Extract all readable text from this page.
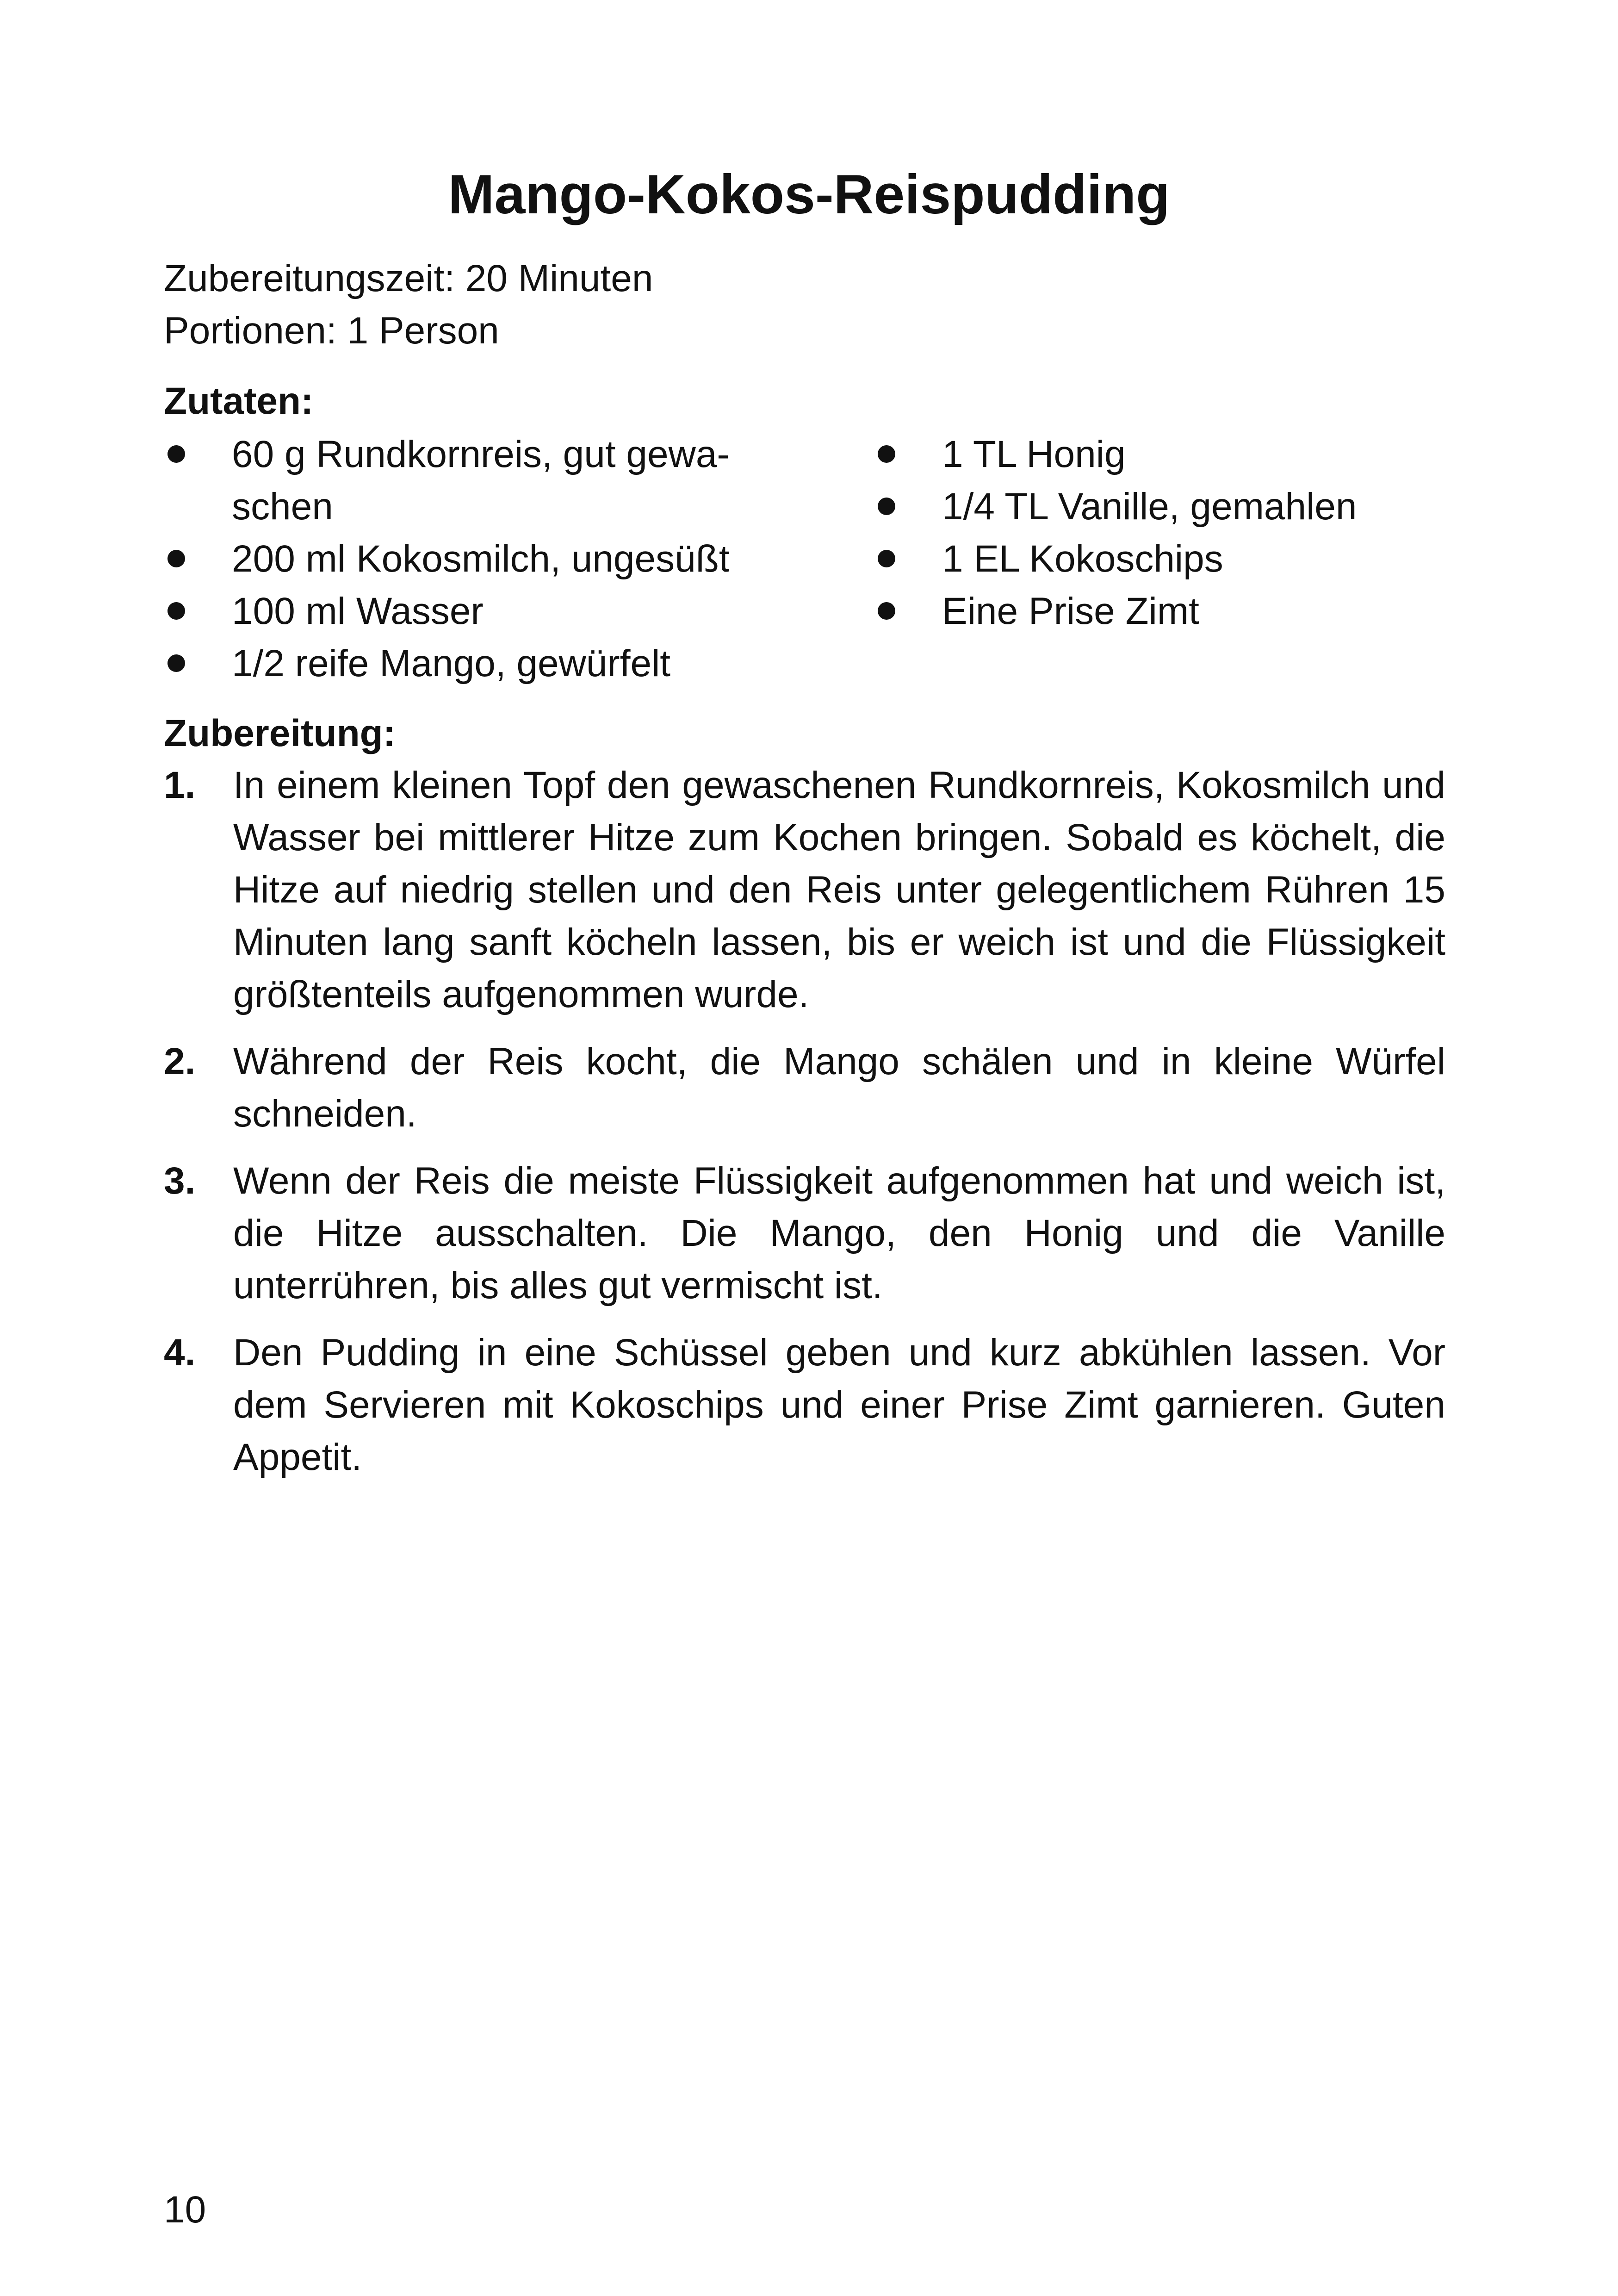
Mango-Kokos-Reispudding
Zubereitungszeit: 20 Minuten
Portionen: 1 Person
Zutaten:
60 g Rundkornreis, gut gewa-schen
200 ml Kokosmilch, ungesüßt
100 ml Wasser
1/2 reife Mango, gewürfelt
1 TL Honig
1/4 TL Vanille, gemahlen
1 EL Kokoschips
Eine Prise Zimt
Zubereitung:
1. In einem kleinen Topf den gewaschenen Rundkornreis, Kokosmilch und Wasser bei mittlerer Hitze zum Kochen bringen. Sobald es köchelt, die Hitze auf niedrig stellen und den Reis unter gelegentlichem Rühren 15 Minuten lang sanft köcheln lassen, bis er weich ist und die Flüssigkeit größtenteils aufgenommen wurde.
2. Während der Reis kocht, die Mango schälen und in kleine Würfel schneiden.
3. Wenn der Reis die meiste Flüssigkeit aufgenommen hat und weich ist, die Hitze ausschalten. Die Mango, den Honig und die Vanille unterrühren, bis alles gut vermischt ist.
4. Den Pudding in eine Schüssel geben und kurz abkühlen lassen. Vor dem Servieren mit Kokoschips und einer Prise Zimt garnieren. Guten Appetit.
10
